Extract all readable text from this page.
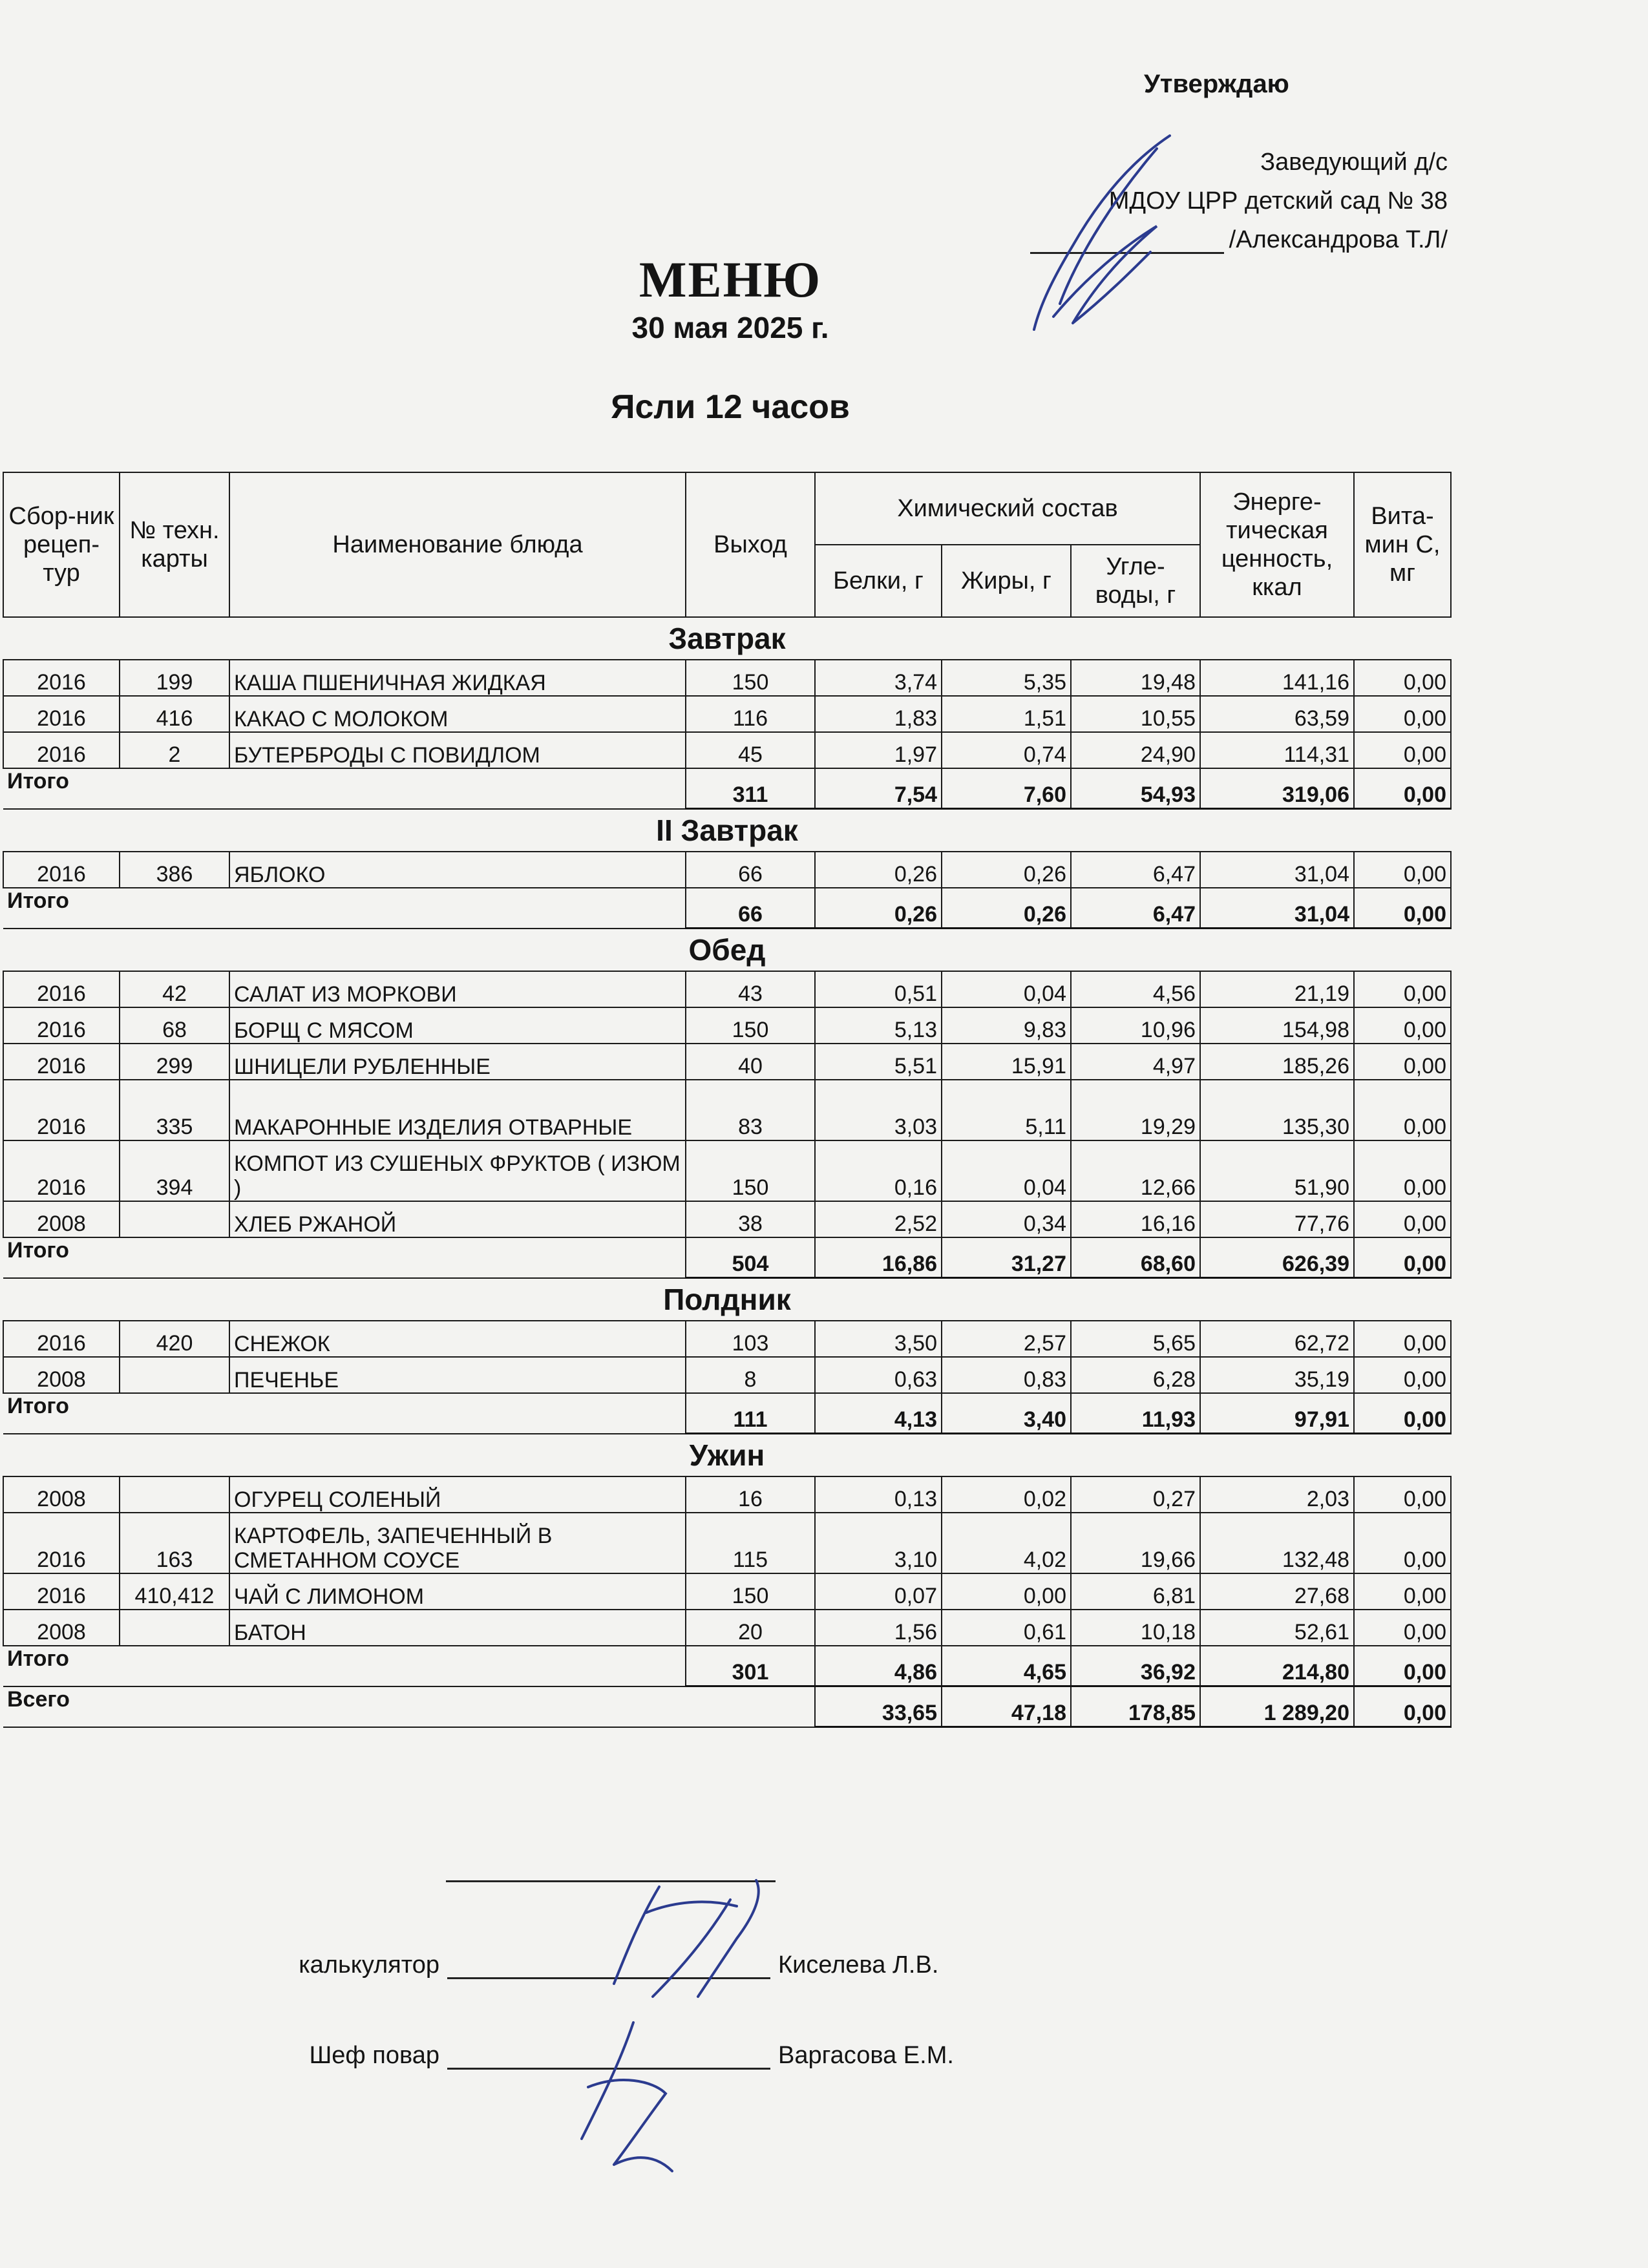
Утверждаю
Заведующий д/с
МДОУ ЦРР детский сад № 38
/Александрова Т.Л/
МЕНЮ
30 мая 2025 г.
Ясли 12 часов
Сбор-ник рецеп-тур	№ техн. карты	Наименование блюда	Выход	Химический состав			Энерге-тическая ценность, ккал	Вита-мин С, мг
				Белки, г	Жиры, г	Угле-воды, г		
Завтрак								
2016	199	КАША ПШЕНИЧНАЯ ЖИДКАЯ	150	3,74	5,35	19,48	141,16	0,00
2016	416	КАКАО С МОЛОКОМ	116	1,83	1,51	10,55	63,59	0,00
2016	2	БУТЕРБРОДЫ С ПОВИДЛОМ	45	1,97	0,74	24,90	114,31	0,00
Итого			311	7,54	7,60	54,93	319,06	0,00
II Завтрак								
2016	386	ЯБЛОКО	66	0,26	0,26	6,47	31,04	0,00
Итого			66	0,26	0,26	6,47	31,04	0,00
Обед								
2016	42	САЛАТ ИЗ МОРКОВИ	43	0,51	0,04	4,56	21,19	0,00
2016	68	БОРЩ С МЯСОМ	150	5,13	9,83	10,96	154,98	0,00
2016	299	ШНИЦЕЛИ РУБЛЕННЫЕ	40	5,51	15,91	4,97	185,26	0,00
2016	335	МАКАРОННЫЕ ИЗДЕЛИЯ ОТВАРНЫЕ	83	3,03	5,11	19,29	135,30	0,00
2016	394	КОМПОТ ИЗ СУШЕНЫХ ФРУКТОВ ( ИЗЮМ )	150	0,16	0,04	12,66	51,90	0,00
2008		ХЛЕБ РЖАНОЙ	38	2,52	0,34	16,16	77,76	0,00
Итого			504	16,86	31,27	68,60	626,39	0,00
Полдник								
2016	420	СНЕЖОК	103	3,50	2,57	5,65	62,72	0,00
2008		ПЕЧЕНЬЕ	8	0,63	0,83	6,28	35,19	0,00
Итого			111	4,13	3,40	11,93	97,91	0,00
Ужин								
2008		ОГУРЕЦ СОЛЕНЫЙ	16	0,13	0,02	0,27	2,03	0,00
2016	163	КАРТОФЕЛЬ, ЗАПЕЧЕННЫЙ В СМЕТАННОМ СОУСЕ	115	3,10	4,02	19,66	132,48	0,00
2016	410,412	ЧАЙ С ЛИМОНОМ	150	0,07	0,00	6,81	27,68	0,00
2008		БАТОН	20	1,56	0,61	10,18	52,61	0,00
Итого			301	4,86	4,65	36,92	214,80	0,00
Всего				33,65	47,18	178,85	1 289,20	0,00
калькулятор	Киселева Л.В.
Шеф повар	Варгасова Е.М.
